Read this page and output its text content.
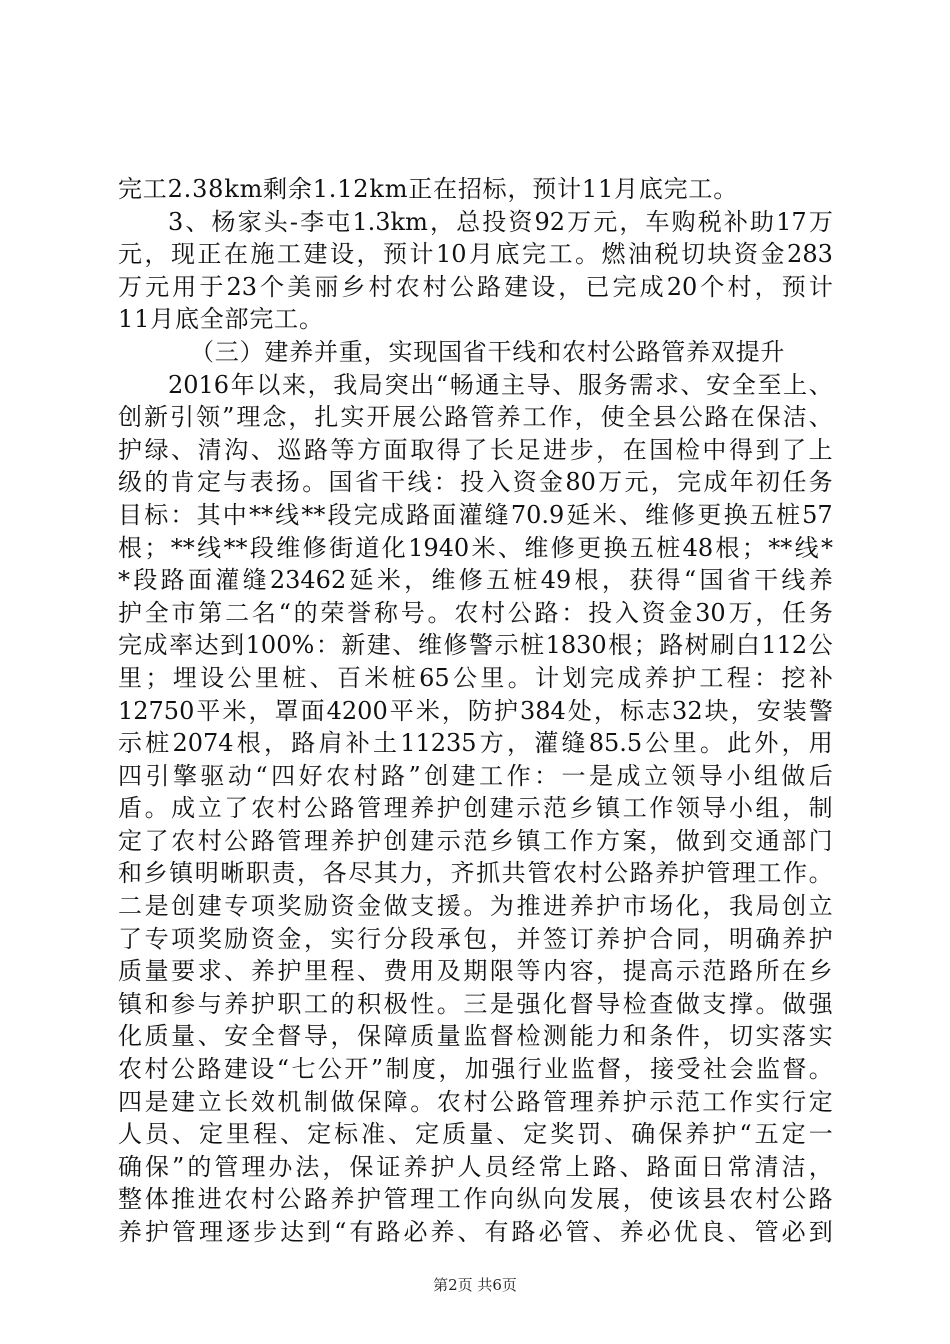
完工2.38km剩余1.12km正在招标，预计11月底完工。
3 、 杨 家 头 - 李 屯 1.3km ， 总 投 资 92 万 元 ， 车 购 税 补 助 17 万
元 ， 现 正 在 施 工 建 设 ， 预 计 10 月 底 完 工 。 燃 油 税 切 块 资 金 283
万 元 用 于 23 个 美 丽 乡 村 农 村 公 路 建 设 ， 已 完 成 20 个 村 ， 预 计
11月底全部完工。
（三）建养并重，实现国省干线和农村公路管养双提升
2016 年 以 来 ， 我 局 突 出 “ 畅 通 主 导 、 服 务 需 求 、 安 全 至 上 、
创 新 引 领 ” 理 念 ， 扎 实 开 展 公 路 管 养 工 作 ， 使 全 县 公 路 在 保 洁 、
护 绿 、 清 沟 、 巡 路 等 方 面 取 得 了 长 足 进 步 ， 在 国 检 中 得 到 了 上
级 的 肯 定 与 表 扬 。 国 省 干 线 ： 投 入 资 金 80 万 元 ， 完 成 年 初 任 务
目 标 ： 其 中 ** 线 ** 段 完 成 路 面 灌 缝 70.9 延 米 、 维 修 更 换 五 桩 57
根 ； ** 线 ** 段 维 修 街 道 化 1940 米 、 维 修 更 换 五 桩 48 根 ； ** 线 *
* 段 路 面 灌 缝 23462 延 米 ， 维 修 五 桩 49 根 ， 获 得 “ 国 省 干 线 养
护 全 市 第 二 名 “ 的 荣 誉 称 号 。 农 村 公 路 ： 投 入 资 金 30 万 ， 任 务
完 成 率 达 到 100% ： 新 建 、 维 修 警 示 桩 1830 根 ； 路 树 刷 白 112 公
里 ； 埋 设 公 里 桩 、 百 米 桩 65 公 里 。 计 划 完 成 养 护 工 程 ： 挖 补
12750 平 米 ， 罩 面 4200 平 米 ， 防 护 384 处 ， 标 志 32 块 ， 安 装 警
示 桩 2074 根 ， 路 肩 补 土 11235 方 ， 灌 缝 85.5 公 里 。 此 外 ， 用
四 引 擎 驱 动 “ 四 好 农 村 路 ” 创 建 工 作 ： 一 是 成 立 领 导 小 组 做 后
盾 。 成 立 了 农 村 公 路 管 理 养 护 创 建 示 范 乡 镇 工 作 领 导 小 组 ， 制
定 了 农 村 公 路 管 理 养 护 创 建 示 范 乡 镇 工 作 方 案 ， 做 到 交 通 部 门
和 乡 镇 明 晰 职 责 ， 各 尽 其 力 ， 齐 抓 共 管 农 村 公 路 养 护 管 理 工 作 。
二 是 创 建 专 项 奖 励 资 金 做 支 援 。 为 推 进 养 护 市 场 化 ， 我 局 创 立
了 专 项 奖 励 资 金 ， 实 行 分 段 承 包 ， 并 签 订 养 护 合 同 ， 明 确 养 护
质 量 要 求 、 养 护 里 程 、 费 用 及 期 限 等 内 容 ， 提 高 示 范 路 所 在 乡
镇 和 参 与 养 护 职 工 的 积 极 性 。 三 是 强 化 督 导 检 查 做 支 撑 。 做 强
化 质 量 、 安 全 督 导 ， 保 障 质 量 监 督 检 测 能 力 和 条 件 ， 切 实 落 实
农 村 公 路 建 设 “ 七 公 开 ” 制 度 ， 加 强 行 业 监 督 ， 接 受 社 会 监 督 。
四 是 建 立 长 效 机 制 做 保 障 。 农 村 公 路 管 理 养 护 示 范 工 作 实 行 定
人 员 、 定 里 程 、 定 标 准 、 定 质 量 、 定 奖 罚 、 确 保 养 护 “ 五 定 一
确 保 ” 的 管 理 办 法 ， 保 证 养 护 人 员 经 常 上 路 、 路 面 日 常 清 洁 ，
整 体 推 进 农 村 公 路 养 护 管 理 工 作 向 纵 向 发 展 ， 使 该 县 农 村 公 路
养 护 管 理 逐 步 达 到 “ 有 路 必 养 、 有 路 必 管 、 养 必 优 良 、 管 必 到
第2页 共6页
